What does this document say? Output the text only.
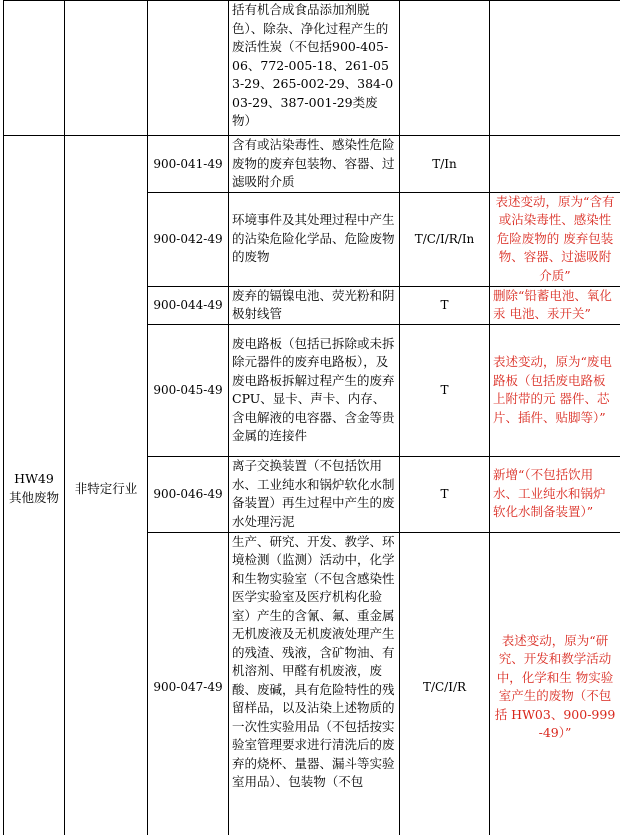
			括有机合成食品添加剂脱色）、除杂、净化过程产生的废活性炭（不包括900-405-06、772-005-18、261-053-29、265-002-29、384-003-29、387-001-29类废物）		

HW49
其他废物	非特定行业	900-041-49	含有或沾染毒性、感染性危险废物的废弃包装物、容器、过滤吸附介质	T/In	
		900-042-49	环境事件及其处理过程中产生的沾染危险化学品、危险废物的废物	T/C/I/R/In	表述变动，原为“含有或沾染毒性、感染性危险废物的 废弃包装物、容器、过滤吸附介质”
		900-044-49	废弃的镉镍电池、荧光粉和阴极射线管	T	删除“铅蓄电池、氧化汞 电池、汞开关”
		900-045-49	废电路板（包括已拆除或未拆除元器件的废弃电路板），及废电路板拆解过程产生的废弃 CPU、显卡、声卡、内存、含电解液的电容器、含金等贵金属的连接件	T	表述变动，原为“废电路板（包括废电路板上附带的元 器件、芯片、插件、贴脚等）”
		900-046-49	离子交换装置（不包括饮用水、工业纯水和锅炉软化水制备装置）再生过程中产生的废水处理污泥	T	新增“（不包括饮用水、工业纯水和锅炉软化水制备装置）”
		900-047-49	生产、研究、开发、教学、环境检测（监测）活动中，化学和生物实验室（不包含感染性医学实验室及医疗机构化验室）产生的含氰、氟、重金属无机废液及无机废液处理产生的残渣、残液，含矿物油、有机溶剂、甲醛有机废液，废酸、废碱，具有危险特性的残留样品，以及沾染上述物质的一次性实验用品（不包括按实验室管理要求进行清洗后的废弃的烧杯、量器、漏斗等实验室用品）、包装物（不包	T/C/I/R	表述变动，原为“研究、开发和教学活动中，化学和生 物实验室产生的废物（不包括 HW03、900-999-49）”
